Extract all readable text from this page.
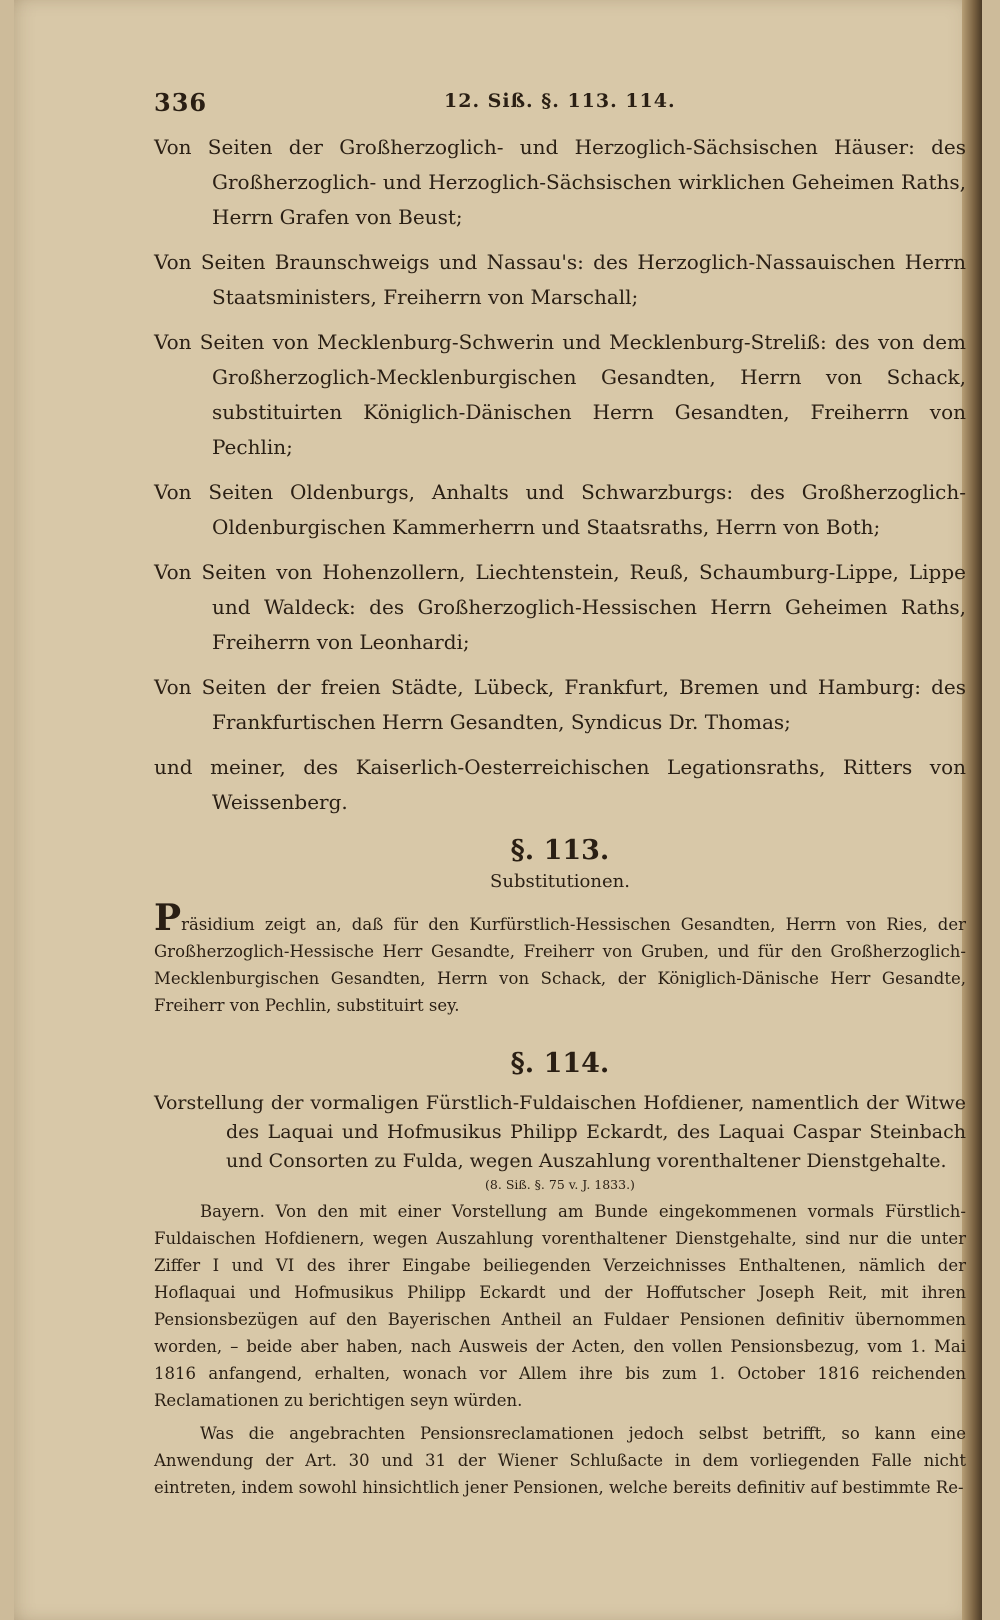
336	12. Siß. §. 113. 114.

Von Seiten der Großherzoglich- und Herzoglich-Sächsischen Häuser: des Großherzoglich- und Herzoglich-Sächsischen wirklichen Geheimen Raths, Herrn Grafen von Beust;

Von Seiten Braunschweigs und Nassau's: des Herzoglich-Nassauischen Herrn Staatsministers, Freiherrn von Marschall;

Von Seiten von Mecklenburg-Schwerin und Mecklenburg-Streliß: des von dem Großherzoglich-Mecklenburgischen Gesandten, Herrn von Schack, substituirten Königlich-Dänischen Herrn Gesandten, Freiherrn von Pechlin;

Von Seiten Oldenburgs, Anhalts und Schwarzburgs: des Großherzoglich-Oldenburgischen Kammerherrn und Staatsraths, Herrn von Both;

Von Seiten von Hohenzollern, Liechtenstein, Reuß, Schaumburg-Lippe, Lippe und Waldeck: des Großherzoglich-Hessischen Herrn Geheimen Raths, Freiherrn von Leonhardi;

Von Seiten der freien Städte, Lübeck, Frankfurt, Bremen und Hamburg: des Frankfurtischen Herrn Gesandten, Syndicus Dr. Thomas;

und meiner, des Kaiserlich-Oesterreichischen Legationsraths, Ritters von Weissenberg.

§. 113.
Substitutionen.

Präsidium zeigt an, daß für den Kurfürstlich-Hessischen Gesandten, Herrn von Ries, der Großherzoglich-Hessische Herr Gesandte, Freiherr von Gruben, und für den Großherzoglich-Mecklenburgischen Gesandten, Herrn von Schack, der Königlich-Dänische Herr Gesandte, Freiherr von Pechlin, substituirt sey.

§. 114.

Vorstellung der vormaligen Fürstlich-Fuldaischen Hofdiener, namentlich der Witwe des Laquai und Hofmusikus Philipp Eckardt, des Laquai Caspar Steinbach und Consorten zu Fulda, wegen Auszahlung vorenthaltener Dienstgehalte.

(8. Siß. §. 75 v. J. 1833.)

Bayern. Von den mit einer Vorstellung am Bunde eingekommenen vormals Fürstlich-Fuldaischen Hofdienern, wegen Auszahlung vorenthaltener Dienstgehalte, sind nur die unter Ziffer I und VI des ihrer Eingabe beiliegenden Verzeichnisses Enthaltenen, nämlich der Hoflaquai und Hofmusikus Philipp Eckardt und der Hoffutscher Joseph Reit, mit ihren Pensionsbezügen auf den Bayerischen Antheil an Fuldaer Pensionen definitiv übernommen worden, – beide aber haben, nach Ausweis der Acten, den vollen Pensionsbezug, vom 1. Mai 1816 anfangend, erhalten, wonach vor Allem ihre bis zum 1. October 1816 reichenden Reclamationen zu berichtigen seyn würden.

Was die angebrachten Pensionsreclamationen jedoch selbst betrifft, so kann eine Anwendung der Art. 30 und 31 der Wiener Schlußacte in dem vorliegenden Falle nicht eintreten, indem sowohl hinsichtlich jener Pensionen, welche bereits definitiv auf bestimmte Re-
